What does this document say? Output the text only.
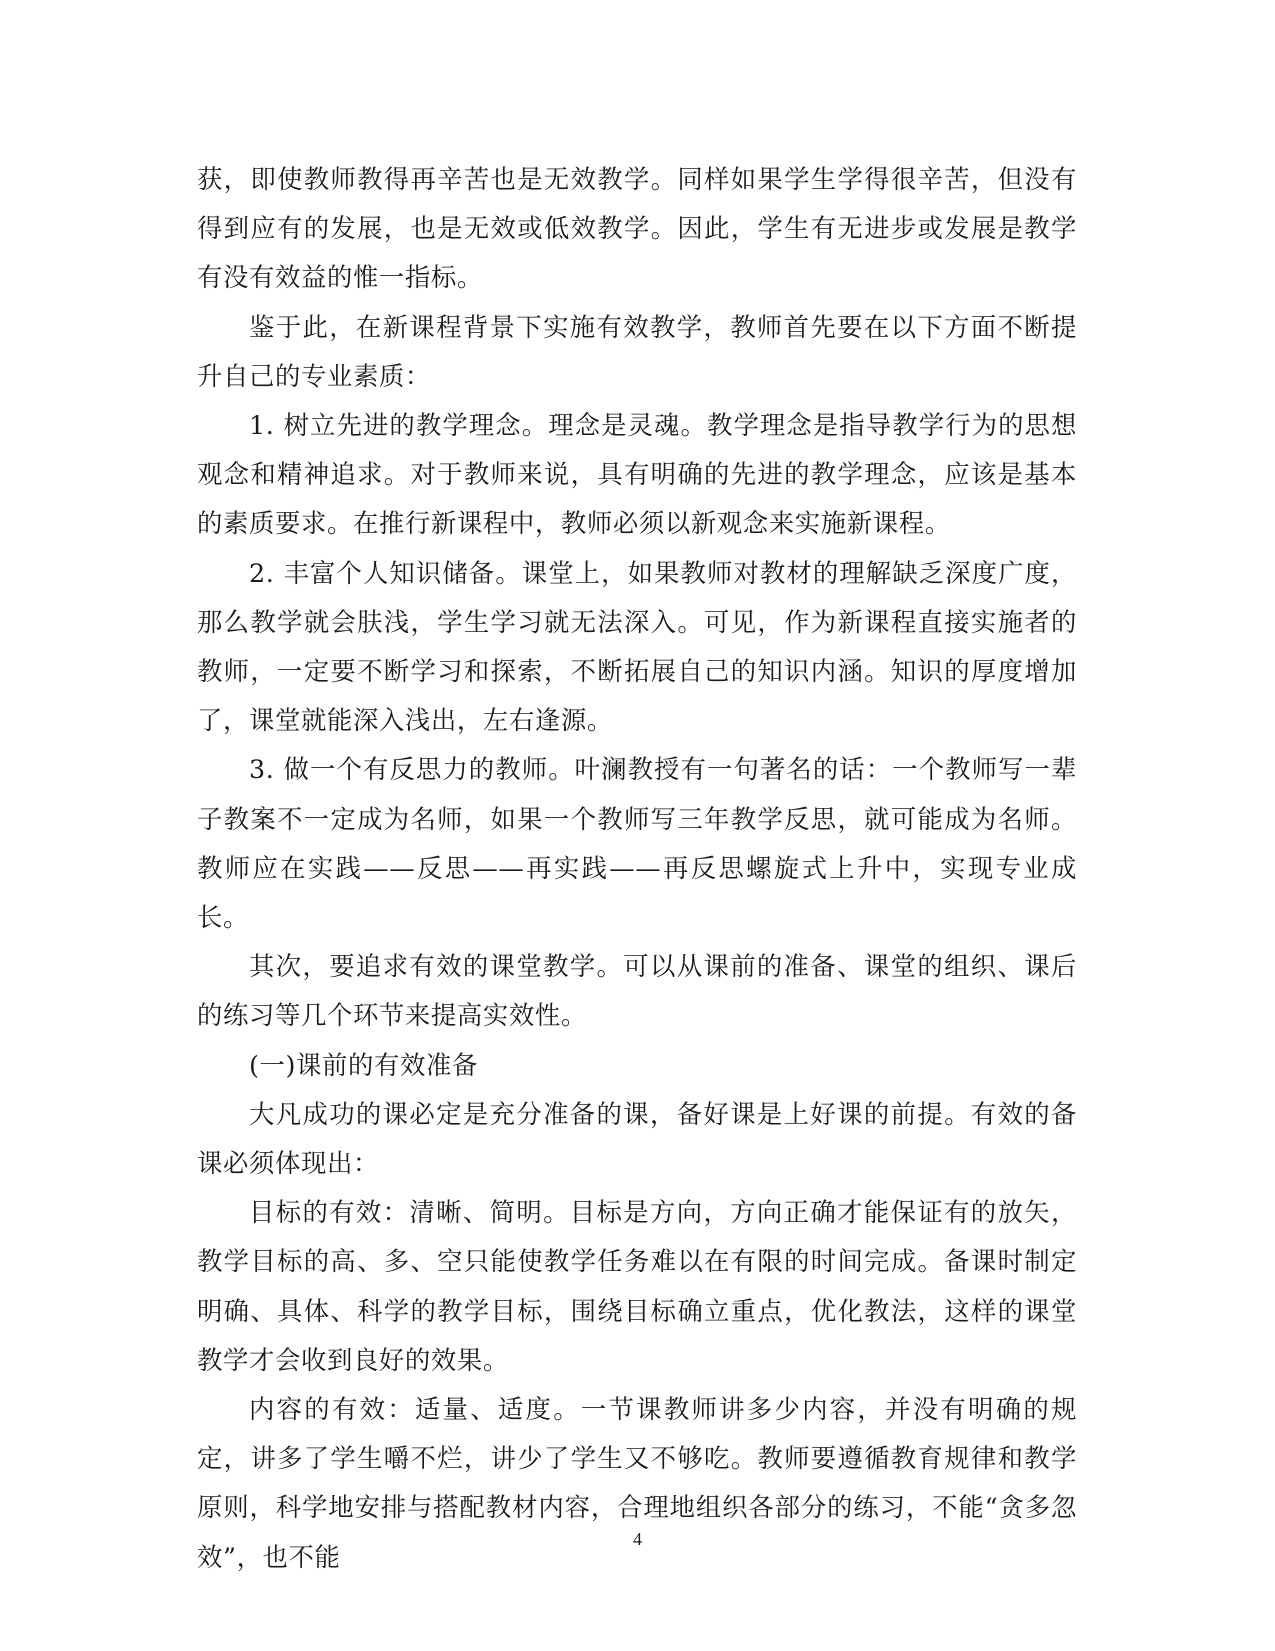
获，即使教师教得再辛苦也是无效教学。同样如果学生学得很辛苦，但没有得到应有的发展，也是无效或低效教学。因此，学生有无进步或发展是教学有没有效益的惟一指标。

鉴于此，在新课程背景下实施有效教学，教师首先要在以下方面不断提升自己的专业素质：

1. 树立先进的教学理念。理念是灵魂。教学理念是指导教学行为的思想观念和精神追求。对于教师来说，具有明确的先进的教学理念，应该是基本的素质要求。在推行新课程中，教师必须以新观念来实施新课程。

2. 丰富个人知识储备。课堂上，如果教师对教材的理解缺乏深度广度，那么教学就会肤浅，学生学习就无法深入。可见，作为新课程直接实施者的教师，一定要不断学习和探索，不断拓展自己的知识内涵。知识的厚度增加了，课堂就能深入浅出，左右逢源。

3. 做一个有反思力的教师。叶澜教授有一句著名的话：一个教师写一辈子教案不一定成为名师，如果一个教师写三年教学反思，就可能成为名师。教师应在实践——反思——再实践——再反思螺旋式上升中，实现专业成长。

其次，要追求有效的课堂教学。可以从课前的准备、课堂的组织、课后的练习等几个环节来提高实效性。

(一)课前的有效准备

大凡成功的课必定是充分准备的课，备好课是上好课的前提。有效的备课必须体现出：

目标的有效：清晰、简明。目标是方向，方向正确才能保证有的放矢，教学目标的高、多、空只能使教学任务难以在有限的时间完成。备课时制定明确、具体、科学的教学目标，围绕目标确立重点，优化教法，这样的课堂教学才会收到良好的效果。

内容的有效：适量、适度。一节课教师讲多少内容，并没有明确的规定，讲多了学生嚼不烂，讲少了学生又不够吃。教师要遵循教育规律和教学原则，科学地安排与搭配教材内容，合理地组织各部分的练习，不能“贪多忽效”，也不能

4
